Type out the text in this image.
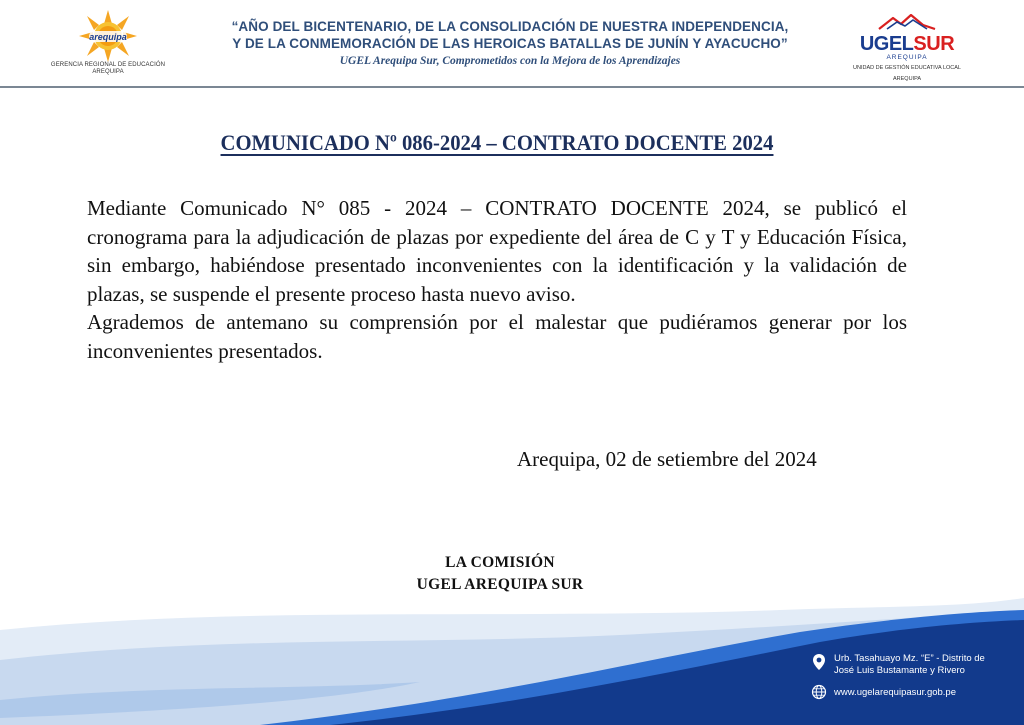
arequipa
GERENCIA REGIONAL DE EDUCACIÓN
AREQUIPA
“AÑO DEL BICENTENARIO, DE LA CONSOLIDACIÓN DE NUESTRA INDEPENDENCIA,
Y DE LA CONMEMORACIÓN DE LAS HEROICAS BATALLAS DE JUNÍN Y AYACUCHO”
UGEL Arequipa Sur, Comprometidos con la Mejora de los Aprendizajes
UGELSUR
AREQUIPA
UNIDAD DE GESTIÓN EDUCATIVA LOCAL
AREQUIPA
COMUNICADO Nº 086-2024 – CONTRATO DOCENTE 2024

Mediante Comunicado N° 085 - 2024 – CONTRATO DOCENTE 2024, se publicó el cronograma para la adjudicación de plazas por expediente del área de C y T y Educación Física, sin embargo, habiéndose presentado inconvenientes con la identificación y la validación de plazas, se suspende el presente proceso hasta nuevo aviso.

Agrademos de antemano su comprensión por el malestar que pudiéramos generar por los inconvenientes presentados.

Arequipa, 02 de setiembre del 2024
LA COMISIÓN
UGEL AREQUIPA SUR
Urb. Tasahuayo Mz. “E” - Distrito de
José Luis Bustamante y Rivero
www.ugelarequipasur.gob.pe
